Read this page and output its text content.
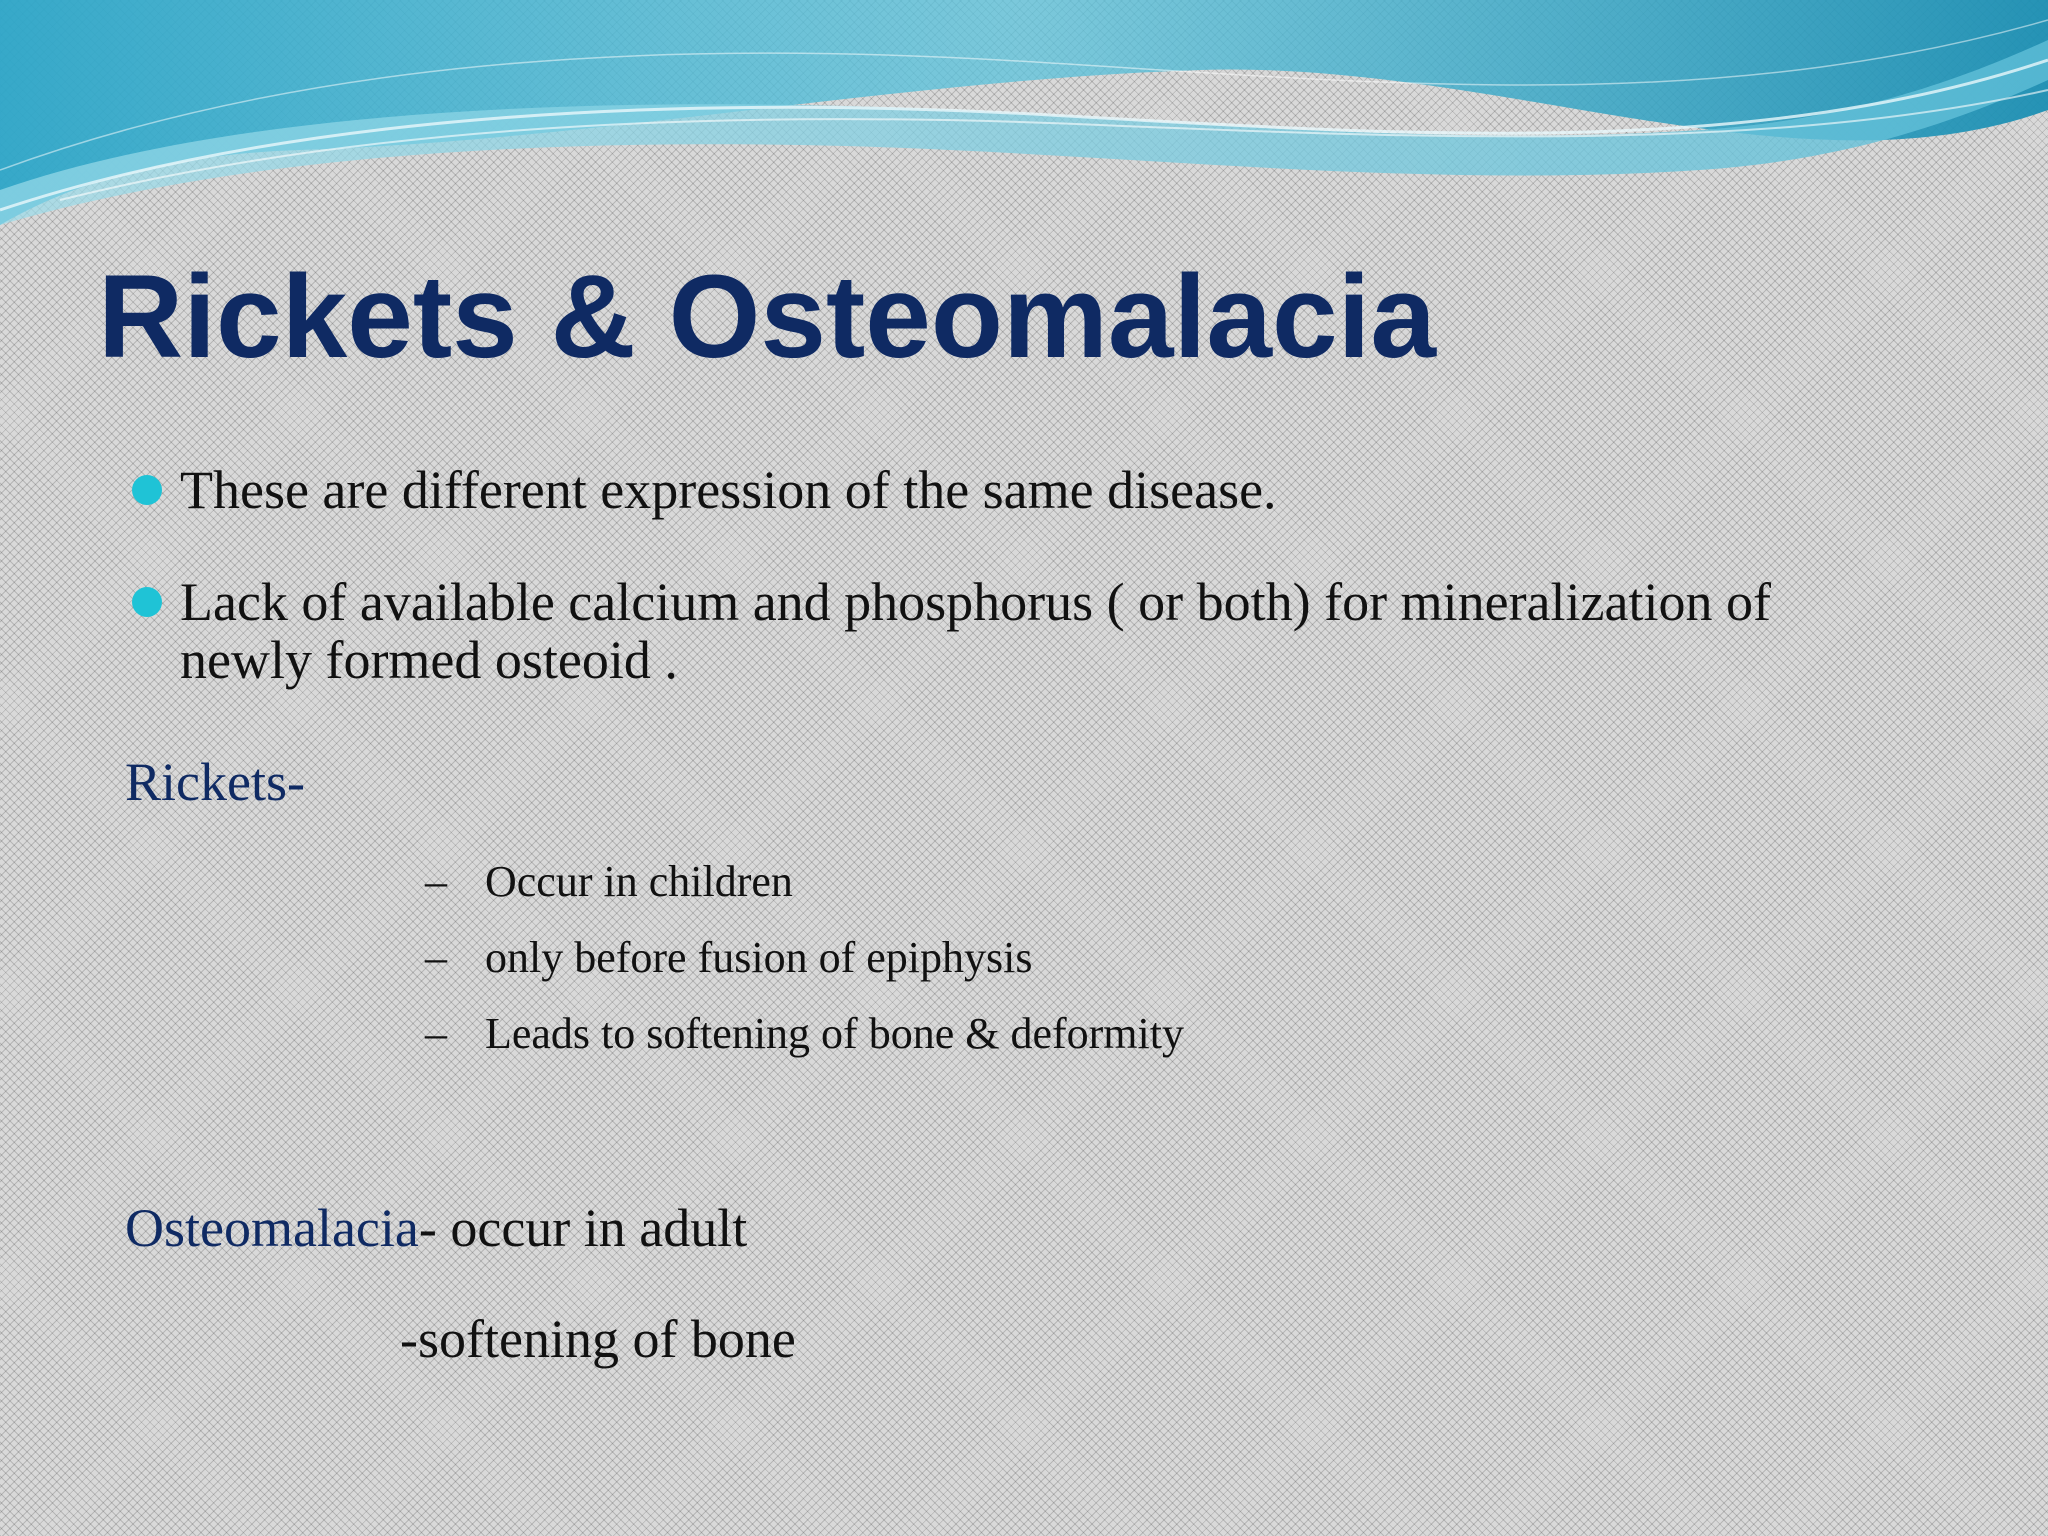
Rickets & Osteomalacia
These are different expression of the same disease.
Lack of available calcium and phosphorus ( or both) for mineralization of newly formed osteoid .
Rickets-
– Occur in children
– only before fusion of epiphysis
– Leads to softening of bone & deformity
Osteomalacia- occur in adult
-softening of bone
